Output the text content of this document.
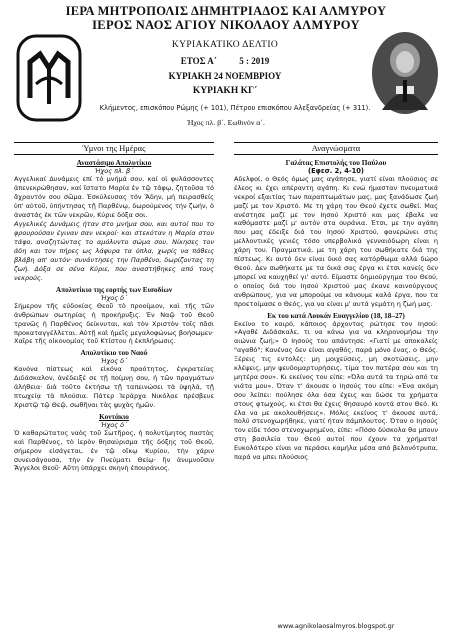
ΙΕΡΑ ΜΗΤΡΟΠΟΛΙΣ ΔΗΜΗΤΡΙΑΔΟΣ ΚΑΙ ΑΛΜΥΡΟΥ
ΙΕΡΟΣ ΝΑΟΣ ΑΓΙΟΥ ΝΙΚΟΛΑΟΥ ΑΛΜΥΡΟΥ
ΚΥΡΙΑΚΑΤΙΚΟ ΔΕΛΤΙΟ
ΕΤΟΣ Α΄          5 : 2019
ΚΥΡΙΑΚΗ 24 ΝΟΕΜΒΡΙΟΥ
ΚΥΡΙΑΚΗ ΚΓ΄
Κλήμεντος, επισκόπου Ρώμης (+ 101), Πέτρου επισκόπου Αλεξανδρείας (+ 311).
Ήχος πλ. β΄. Εωθινόν α΄.
Ύμνοι της Ημέρας
Αναστάσιμο Απολυτίκιο
Ήχος πλ. β΄
Αγγελικαί Δυνάμεις επί τό μνήμά σου, καί οἱ φυλάσσοντες ἀπενεκρώθησαν, καί ἵστατο Μαρία ἐν τῷ τάφῳ, ζητοῦσα τό ἄχραντόν σου σῶμα. Ἐσκύλευσας τόν Ἅδην, μή πειρασθείς ὑπ' αὐτοῦ, ὑπήντησας τῇ Παρθένῳ, δωρούμενος τήν ζωήν, ὁ ἀναστάς ἐκ τῶν νεκρῶν, Κύριε δόξα σοι.
Αγγελικές Δυνάμεις ήταν στο μνήμα σου, και αυτοί που το φρουρούσαν έγιναν σαν νεκροί· και στεκόταν η Μαρία στον τάφο, αναζητώντας το αμόλυντο σώμα σου. Νίκησες τον άδη και τον πήρες ως λάφυρα τα όπλα, χωρίς να πάθεις βλάβη απ' αυτόν· συνάντησες την Παρθένο, δωρίζοντας τη ζωή. Δόξα σε σένα Κύριε, που αναστήθηκες από τους νεκρούς.
Απολυτίκιο της εορτής των Εισοδίων
Ήχος δ΄
Σήμερον τῆς εὐδοκίας Θεοῦ τὸ προοίμιον, καὶ τῆς τῶν ἀνθρώπων σωτηρίας ἡ προκήρυξις. Ἐν Ναῷ τοῦ Θεοῦ τρανῶς ἡ Παρθένος δείκνυται, καὶ τὸν Χριστὸν τοῖς πᾶσι προκαταγγέλλεται. Αὐτῇ καὶ ἡμεῖς μεγαλοφώνως βοήσωμεν· Χαῖρε τῆς οἰκονομίας τοῦ Κτίστου ἡ ἐκπλήρωσις.
Απολυτίκιο του Ναού
Ήχος δ΄
Κανόνα πίστεως καὶ εἰκόνα πραότητος, ἐγκρατείας Διδάσκαλον, ἀνέδειξέ σε τῇ ποίμνῃ σου, ἡ τῶν πραγμάτων ἀλήθεια· διὰ τοῦτο ἐκτήσω τῇ ταπεινώσει τὰ ὑψηλά, τῇ πτωχείᾳ τὰ πλούσια. Πάτερ Ἱεράρχα Νικόλαε πρέσβευε Χριστῷ τῷ Θεῷ, σωθῆναι τὰς ψυχὰς ἡμῶν.
Κοντάκιο
Ήχος δ΄
Ὁ καθαρώτατος ναὸς τοῦ Σωτῆρος, ἡ πολυτίμητος παστὰς καὶ Παρθένος, τὸ ἱερὸν θησαύρισμα τῆς δόξης τοῦ Θεοῦ, σήμερον εἰσάγεται, ἐν τῷ οἴκῳ Κυρίου, τὴν χάριν συνεισάγουσα, τὴν ἐν Πνεύματι Θείῳ· ἣν ἀνυμνοῦσιν Ἄγγελοι Θεοῦ· Αὕτη ὑπάρχει σκηνὴ ἐπουράνιος.
Αναγνώσματα
Γαλάτας Επιστολής του Παύλου
(Εφεσ. 2, 4-10)
Αδελφοί, ο Θεός όμως μας αγάπησε, γιατί είναι πλούσιος σε έλεος κι έχει απέραντη αγάπη. Κι ενώ ήμασταν πνευματικά νεκροί εξαιτίας των παραπτωμάτων μας, μας ξανάδωσε ζωή μαζί με τον Χριστό. Με τη χάρη του Θεού έχετε σωθεί. Μας ανέστησε μαζί με τον Ιησού Χριστό και μας έβαλε να καθόμαστε μαζί μ' αυτόν στα ουράνια. Έτσι, με την αγάπη που μας έδειξε διά του Ιησού Χριστού, φανερώνει στις μελλοντικές γενιές τόσο υπερβολικά γενναιόδωρη είναι η χάρη του. Πραγματικά, με τη χάρη του σωθήκατε διά της πίστεως. Κι αυτό δεν είναι δικό σας κατόρθωμα αλλά δώρο Θεού. Δεν σωθήκατε με τα δικά σας έργα κι έτσι κανείς δεν μπορεί να καυχηθεί γι' αυτό. Είμαστε δημιούργημα του Θεού, ο οποίος διά του Ιησού Χριστού μας έκανε καινούργιους ανθρώπους, για να μπορούμε να κάνουμε καλά έργα, που τα προετοίμασε ο Θεός, για να είναι μ' αυτά γεμάτη η ζωή μας.
Εκ του κατά Λουκάν Ευαγγελίου (18, 18–27)
Εκείνο το καιρό, κάποιος άρχοντας ρώτησε τον Ιησού: «Αγαθέ Διδάσκαλε, τι να κάνω για να κληρονομήσω την αιώνια ζωή;» Ο Ιησούς του απάντησε: «Γιατί με αποκαλείς "αγαθό"; Κανένας δεν είναι αγαθός, παρά μόνο ένας, ο Θεός. Ξέρεις τις εντολές: μη μοιχεύσεις, μη σκοτώσεις, μην κλέψεις, μην ψευδομαρτυρήσεις, τίμα τον πατέρα σου και τη μητέρα σου». Κι εκείνος του είπε: «Όλα αυτά τα τηρώ από τα νιάτα μου». Όταν τ' άκουσε ο Ιησούς του είπε: «Ένα ακόμη σου λείπει: πούλησε όλα όσα έχεις και δώσε τα χρήματα στους φτωχούς, κι έτσι θα έχεις θησαυρό κοντά στον Θεό. Κι έλα να με ακολουθήσεις». Μόλις εκείνος τ' άκουσε αυτά, πολύ στενοχωρήθηκε, γιατί ήταν πάμπλουτος. Όταν ο Ιησούς τον είδε τόσο στενοχωρημένο, είπε: «Πόσο δύσκολα θα μπουν στη βασιλεία του Θεού αυτοί που έχουν τα χρήματα! Ευκολότερο είναι να περάσει καμήλα μέσα από βελονότρυπα, παρά να μπει πλούσιος
www.agnikolaosalmyros.blogspot.gr
